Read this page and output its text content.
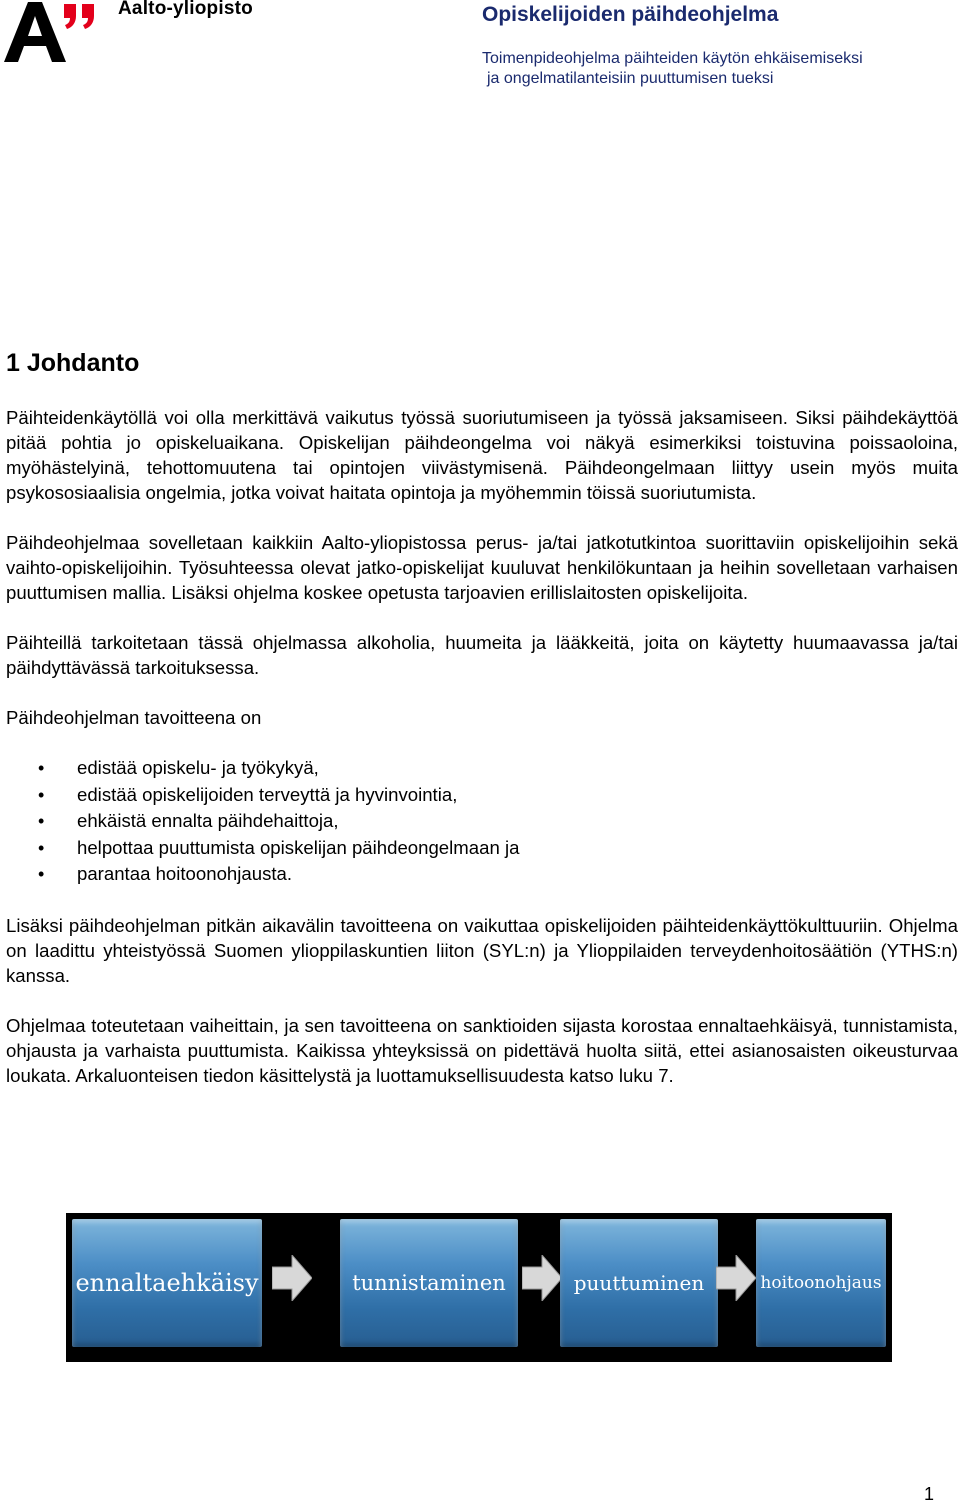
Aalto-yliopisto	Opiskelijoiden päihdeohjelma
Toimenpideohjelma päihteiden käytön ehkäisemiseksi
ja ongelmatilanteisiin puuttumisen tueksi
1 Johdanto

Päihteidenkäytöllä voi olla merkittävä vaikutus työssä suoriutumiseen ja työssä jaksamiseen. Siksi päihdekäyttöä pitää pohtia jo opiskeluaikana. Opiskelijan päihdeongelma voi näkyä esimerkiksi toistuvina poissaoloina, myöhästelyinä, tehottomuutena tai opintojen viivästymisenä. Päihdeongelmaan liittyy usein myös muita psykososiaalisia ongelmia, jotka voivat haitata opintoja ja myöhemmin töissä suoriutumista.

Päihdeohjelmaa sovelletaan kaikkiin Aalto-yliopistossa perus- ja/tai jatkotutkintoa suorittaviin opiskelijoihin sekä vaihto-opiskelijoihin. Työsuhteessa olevat jatko-opiskelijat kuuluvat henkilökuntaan ja heihin sovelletaan varhaisen puuttumisen mallia. Lisäksi ohjelma koskee opetusta tarjoavien erillislaitosten opiskelijoita.

Päihteillä tarkoitetaan tässä ohjelmassa alkoholia, huumeita ja lääkkeitä, joita on käytetty huumaavassa ja/tai päihdyttävässä tarkoituksessa.

Päihdeohjelman tavoitteena on

• edistää opiskelu- ja työkykyä,
• edistää opiskelijoiden terveyttä ja hyvinvointia,
• ehkäistä ennalta päihdehaittoja,
• helpottaa puuttumista opiskelijan päihdeongelmaan ja
• parantaa hoitoonohjausta.

Lisäksi päihdeohjelman pitkän aikavälin tavoitteena on vaikuttaa opiskelijoiden päihteidenkäyttökulttuuriin. Ohjelma on laadittu yhteistyössä Suomen ylioppilaskuntien liiton (SYL:n) ja Ylioppilaiden terveydenhoitosäätiön (YTHS:n) kanssa.

Ohjelmaa toteutetaan vaiheittain, ja sen tavoitteena on sanktioiden sijasta korostaa ennaltaehkäisyä, tunnistamista, ohjausta ja varhaista puuttumista. Kaikissa yhteyksissä on pidettävä huolta siitä, ettei asianosaisten oikeusturvaa loukata. Arkaluonteisen tiedon käsittelystä ja luottamuksellisuudesta katso luku 7.

ennaltaehkäisy	tunnistaminen	puuttuminen	hoitoonohjaus
1
